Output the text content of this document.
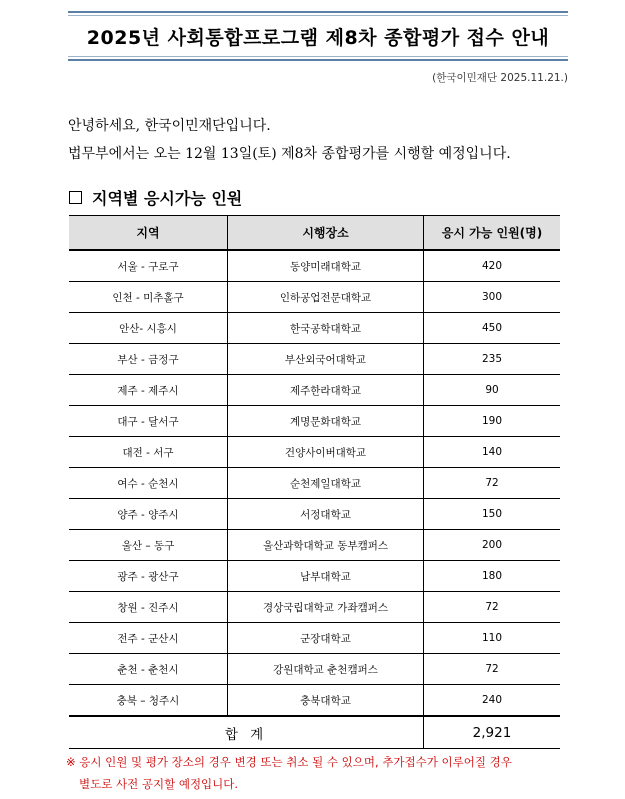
2025년 사회통합프로그램 제8차 종합평가 접수 안내
(한국이민재단 2025.11.21.)
안녕하세요, 한국이민재단입니다.
법무부에서는 오는 12월 13일(토) 제8차 종합평가를 시행할 예정입니다.
지역별 응시가능 인원
지역	시행장소	응시 가능 인원(명)
서울 - 구로구	동양미래대학교	420
인천 - 미추홀구	인하공업전문대학교	300
안산- 시흥시	한국공학대학교	450
부산 - 금정구	부산외국어대학교	235
제주 - 제주시	제주한라대학교	90
대구 - 달서구	계명문화대학교	190
대전 - 서구	건양사이버대학교	140
여수 - 순천시	순천제일대학교	72
양주 - 양주시	서정대학교	150
울산 – 동구	울산과학대학교 동부캠퍼스	200
광주 - 광산구	남부대학교	180
창원 - 진주시	경상국립대학교 가좌캠퍼스	72
전주 - 군산시	군장대학교	110
춘천 - 춘천시	강원대학교 춘천캠퍼스	72
충북 – 청주시	충북대학교	240
합 계		2,921
※ 응시 인원 및 평가 장소의 경우 변경 또는 취소 될 수 있으며, 추가접수가 이루어질 경우
별도로 사전 공지할 예정입니다.
